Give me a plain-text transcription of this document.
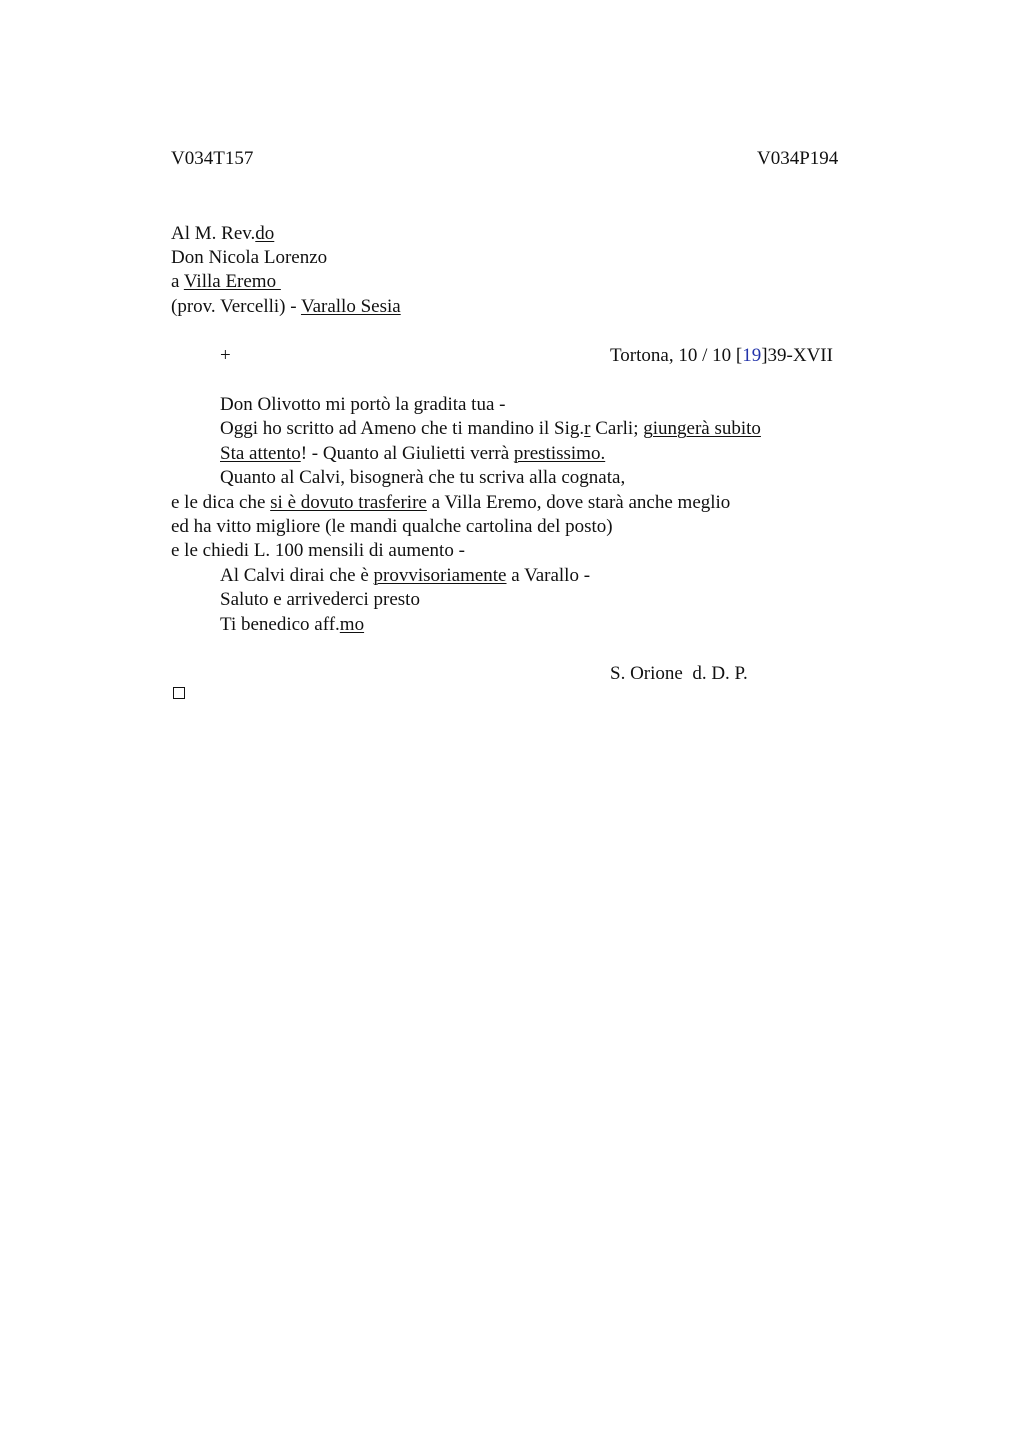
V034T157	V034P194
Al M. Rev.do
Don Nicola Lorenzo
a Villa Eremo
(prov. Vercelli) - Varallo Sesia
+	Tortona, 10 / 10 [19]39-XVII
Don Olivotto mi portò la gradita tua -
Oggi ho scritto ad Ameno che ti mandino il Sig.r Carli; giungerà subito
Sta attento! - Quanto al Giulietti verrà prestissimo.
Quanto al Calvi, bisognerà che tu scriva alla cognata,
e le dica che si è dovuto trasferire a Villa Eremo, dove starà anche meglio
ed ha vitto migliore (le mandi qualche cartolina del posto)
e le chiedi L. 100 mensili di aumento -
Al Calvi dirai che è provvisoriamente a Varallo -
Saluto e arrivederci presto
Ti benedico aff.mo
S. Orione  d. D. P.
